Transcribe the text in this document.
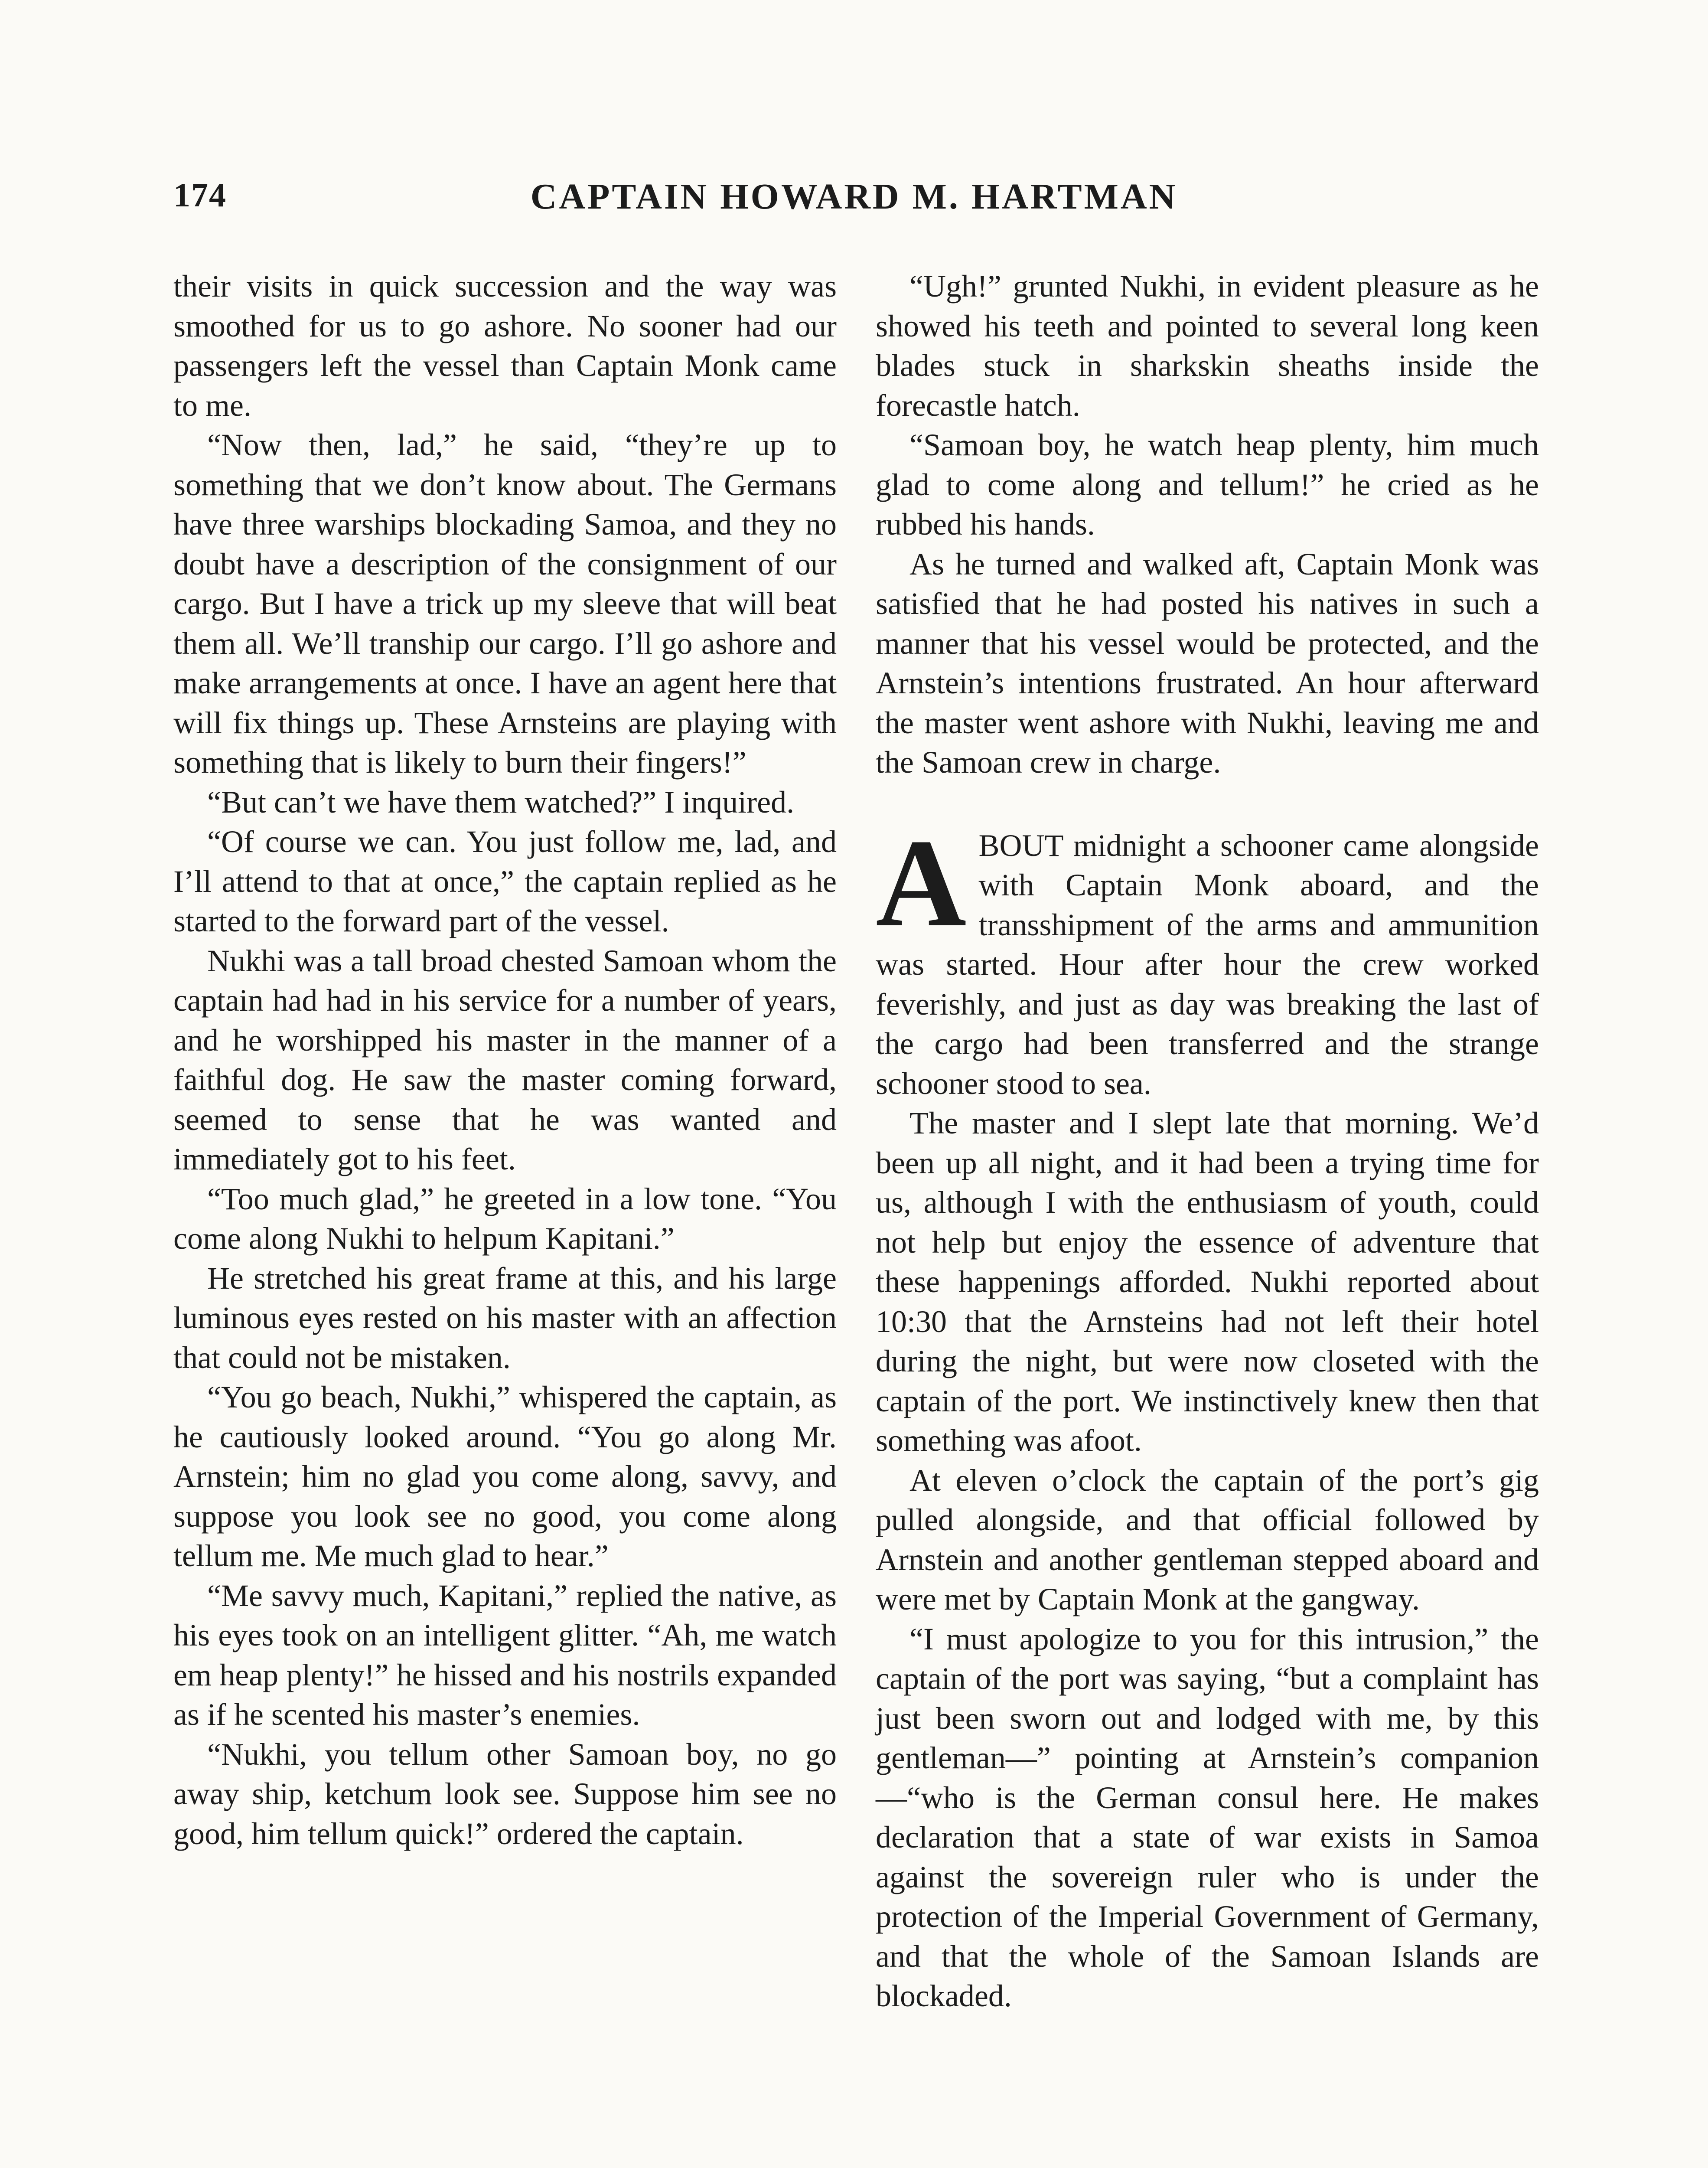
174	CAPTAIN HOWARD M. HARTMAN

their visits in quick succession and the way was smoothed for us to go ashore. No sooner had our passengers left the vessel than Captain Monk came to me.

“Now then, lad,” he said, “they’re up to something that we don’t know about. The Germans have three warships blockading Samoa, and they no doubt have a description of the consignment of our cargo. But I have a trick up my sleeve that will beat them all. We’ll tranship our cargo. I’ll go ashore and make arrangements at once. I have an agent here that will fix things up. These Arnsteins are playing with something that is likely to burn their fingers!”

“But can’t we have them watched?” I inquired.

“Of course we can. You just follow me, lad, and I’ll attend to that at once,” the captain replied as he started to the forward part of the vessel.

Nukhi was a tall broad chested Samoan whom the captain had had in his service for a number of years, and he worshipped his master in the manner of a faithful dog. He saw the master coming forward, seemed to sense that he was wanted and immediately got to his feet.

“Too much glad,” he greeted in a low tone. “You come along Nukhi to helpum Kapitani.”

He stretched his great frame at this, and his large luminous eyes rested on his master with an affection that could not be mistaken.

“You go beach, Nukhi,” whispered the captain, as he cautiously looked around. “You go along Mr. Arnstein; him no glad you come along, savvy, and suppose you look see no good, you come along tellum me. Me much glad to hear.”

“Me savvy much, Kapitani,” replied the native, as his eyes took on an intelligent glitter. “Ah, me watch em heap plenty!” he hissed and his nostrils expanded as if he scented his master’s enemies.

“Nukhi, you tellum other Samoan boy, no go away ship, ketchum look see. Suppose him see no good, him tellum quick!” ordered the captain.

“Ugh!” grunted Nukhi, in evident pleasure as he showed his teeth and pointed to several long keen blades stuck in sharkskin sheaths inside the forecastle hatch.

“Samoan boy, he watch heap plenty, him much glad to come along and tellum!” he cried as he rubbed his hands.

As he turned and walked aft, Captain Monk was satisfied that he had posted his natives in such a manner that his vessel would be protected, and the Arnstein’s intentions frustrated. An hour afterward the master went ashore with Nukhi, leaving me and the Samoan crew in charge.

ABOUT midnight a schooner came alongside with Captain Monk aboard, and the transshipment of the arms and ammunition was started. Hour after hour the crew worked feverishly, and just as day was breaking the last of the cargo had been transferred and the strange schooner stood to sea.

The master and I slept late that morning. We’d been up all night, and it had been a trying time for us, although I with the enthusiasm of youth, could not help but enjoy the essence of adventure that these happenings afforded. Nukhi reported about 10:30 that the Arnsteins had not left their hotel during the night, but were now closeted with the captain of the port. We instinctively knew then that something was afoot.

At eleven o’clock the captain of the port’s gig pulled alongside, and that official followed by Arnstein and another gentleman stepped aboard and were met by Captain Monk at the gangway.

“I must apologize to you for this intrusion,” the captain of the port was saying, “but a complaint has just been sworn out and lodged with me, by this gentleman—” pointing at Arnstein’s companion—“who is the German consul here. He makes declaration that a state of war exists in Samoa against the sovereign ruler who is under the protection of the Imperial Government of Germany, and that the whole of the Samoan Islands are blockaded.
